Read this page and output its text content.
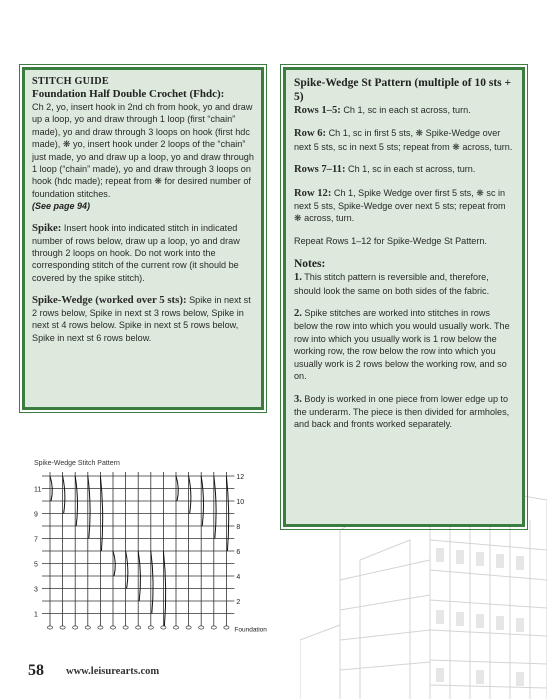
STITCH GUIDE
Foundation Half Double Crochet (Fhdc):
Ch 2, yo, insert hook in 2nd ch from hook, yo and draw up a loop, yo and draw through 1 loop (first “chain” made), yo and draw through 3 loops on hook (first hdc made), ❋ yo, insert hook under 2 loops of the “chain” just made, yo and draw up a loop, yo and draw through 1 loop (“chain” made), yo and draw through 3 loops on hook (hdc made); repeat from ❋ for desired number of foundation stitches.
(See page 94)
Spike: Insert hook into indicated stitch in indicated number of rows below, draw up a loop, yo and draw through 2 loops on hook. Do not work into the corresponding stitch of the current row (it should be covered by the spike stitch).
Spike-Wedge (worked over 5 sts): Spike in next st 2 rows below, Spike in next st 3 rows below, Spike in next st 4 rows below. Spike in next st 5 rows below, Spike in next st 6 rows below.
Spike-Wedge St Pattern (multiple of 10 sts + 5)
Rows 1–5: Ch 1, sc in each st across, turn.
Row 6: Ch 1, sc in first 5 sts, ❋ Spike-Wedge over next 5 sts, sc in next 5 sts; repeat from ❋ across, turn.
Rows 7–11: Ch 1, sc in each st across, turn.
Row 12: Ch 1, Spike Wedge over first 5 sts, ❋ sc in next 5 sts, Spike-Wedge over next 5 sts; repeat from ❋ across, turn.
Repeat Rows 1–12 for Spike-Wedge St Pattern.
Notes:
1. This stitch pattern is reversible and, therefore, should look the same on both sides of the fabric.
2. Spike stitches are worked into stitches in rows below the row into which you would usually work. The row into which you usually work is 1 row below the working row, the row below the row into which you usually work is 2 rows below the working row, and so on.
3. Body is worked in one piece from lower edge up to the underarm. The piece is then divided for armholes, and back and fronts worked separately.
Spike-Wedge Stitch Pattern
11
9
7
5
3
1
12
10
8
6
4
2
Foundation
58 www.leisurearts.com
